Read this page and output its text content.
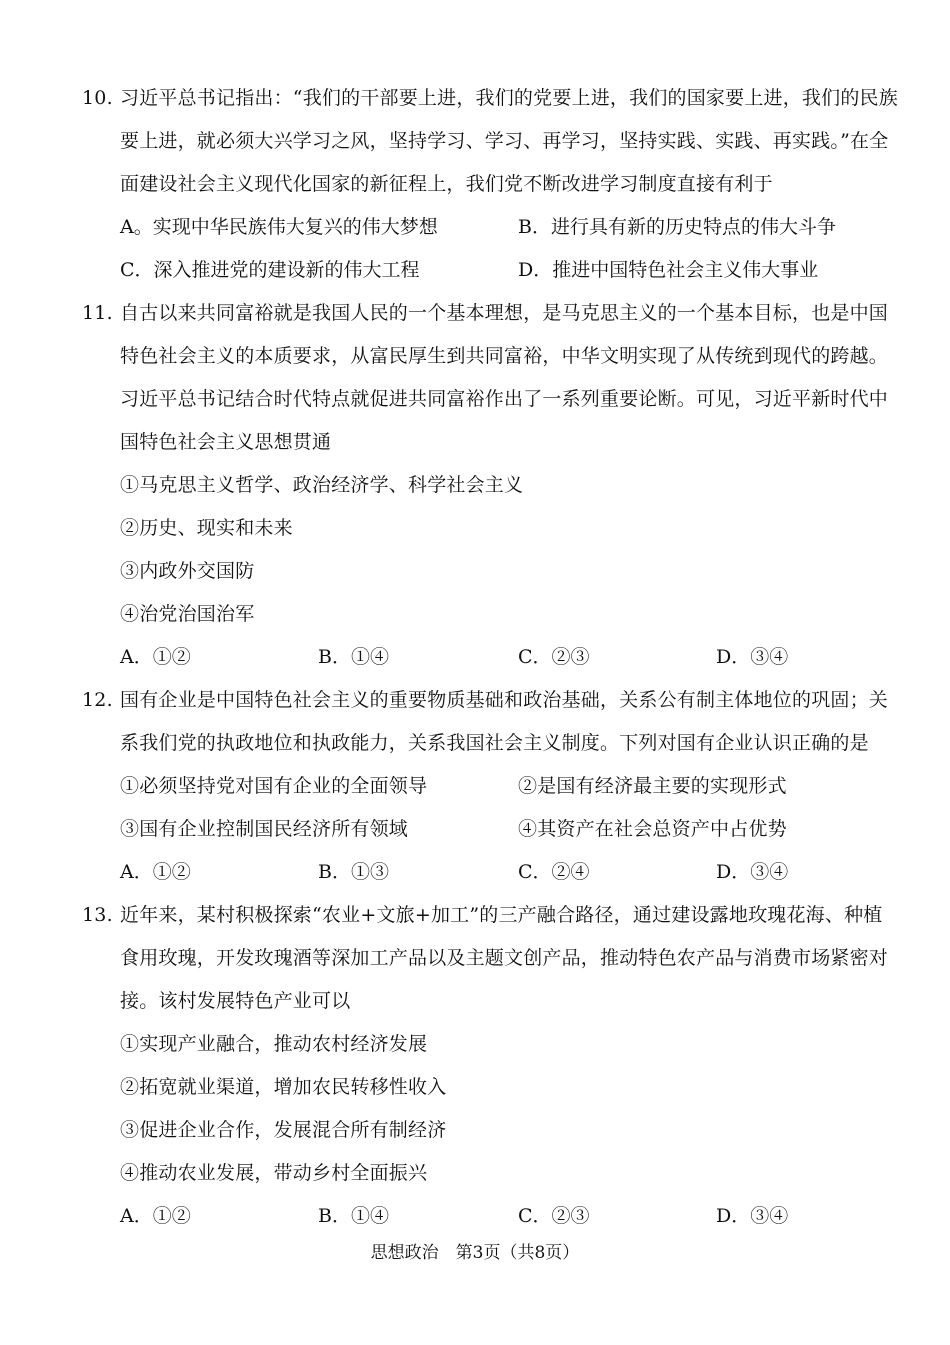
10. 习近平总书记指出：“我们的干部要上进，我们的党要上进，我们的国家要上进，我们的民族
要上进，就必须大兴学习之风，坚持学习、学习、再学习，坚持实践、实践、再实践。”在全
面建设社会主义现代化国家的新征程上，我们党不断改进学习制度直接有利于
A。实现中华民族伟大复兴的伟大梦想	B．进行具有新的历史特点的伟大斗争
C．深入推进党的建设新的伟大工程	D．推进中国特色社会主义伟大事业
11. 自古以来共同富裕就是我国人民的一个基本理想，是马克思主义的一个基本目标，也是中国
特色社会主义的本质要求，从富民厚生到共同富裕，中华文明实现了从传统到现代的跨越。
习近平总书记结合时代特点就促进共同富裕作出了一系列重要论断。可见，习近平新时代中
国特色社会主义思想贯通
①马克思主义哲学、政治经济学、科学社会主义
②历史、现实和未来
③内政外交国防
④治党治国治军
A．①②	B．①④	C．②③	D．③④
12. 国有企业是中国特色社会主义的重要物质基础和政治基础，关系公有制主体地位的巩固；关
系我们党的执政地位和执政能力，关系我国社会主义制度。下列对国有企业认识正确的是
①必须坚持党对国有企业的全面领导	②是国有经济最主要的实现形式
③国有企业控制国民经济所有领域	④其资产在社会总资产中占优势
A．①②	B．①③	C．②④	D．③④
13. 近年来，某村积极探索“农业+文旅+加工”的三产融合路径，通过建设露地玫瑰花海、种植
食用玫瑰，开发玫瑰酒等深加工产品以及主题文创产品，推动特色农产品与消费市场紧密对
接。该村发展特色产业可以
①实现产业融合，推动农村经济发展
②拓宽就业渠道，增加农民转移性收入
③促进企业合作，发展混合所有制经济
④推动农业发展，带动乡村全面振兴
A．①②	B．①④	C．②③	D．③④
思想政治　第3页（共8页）
